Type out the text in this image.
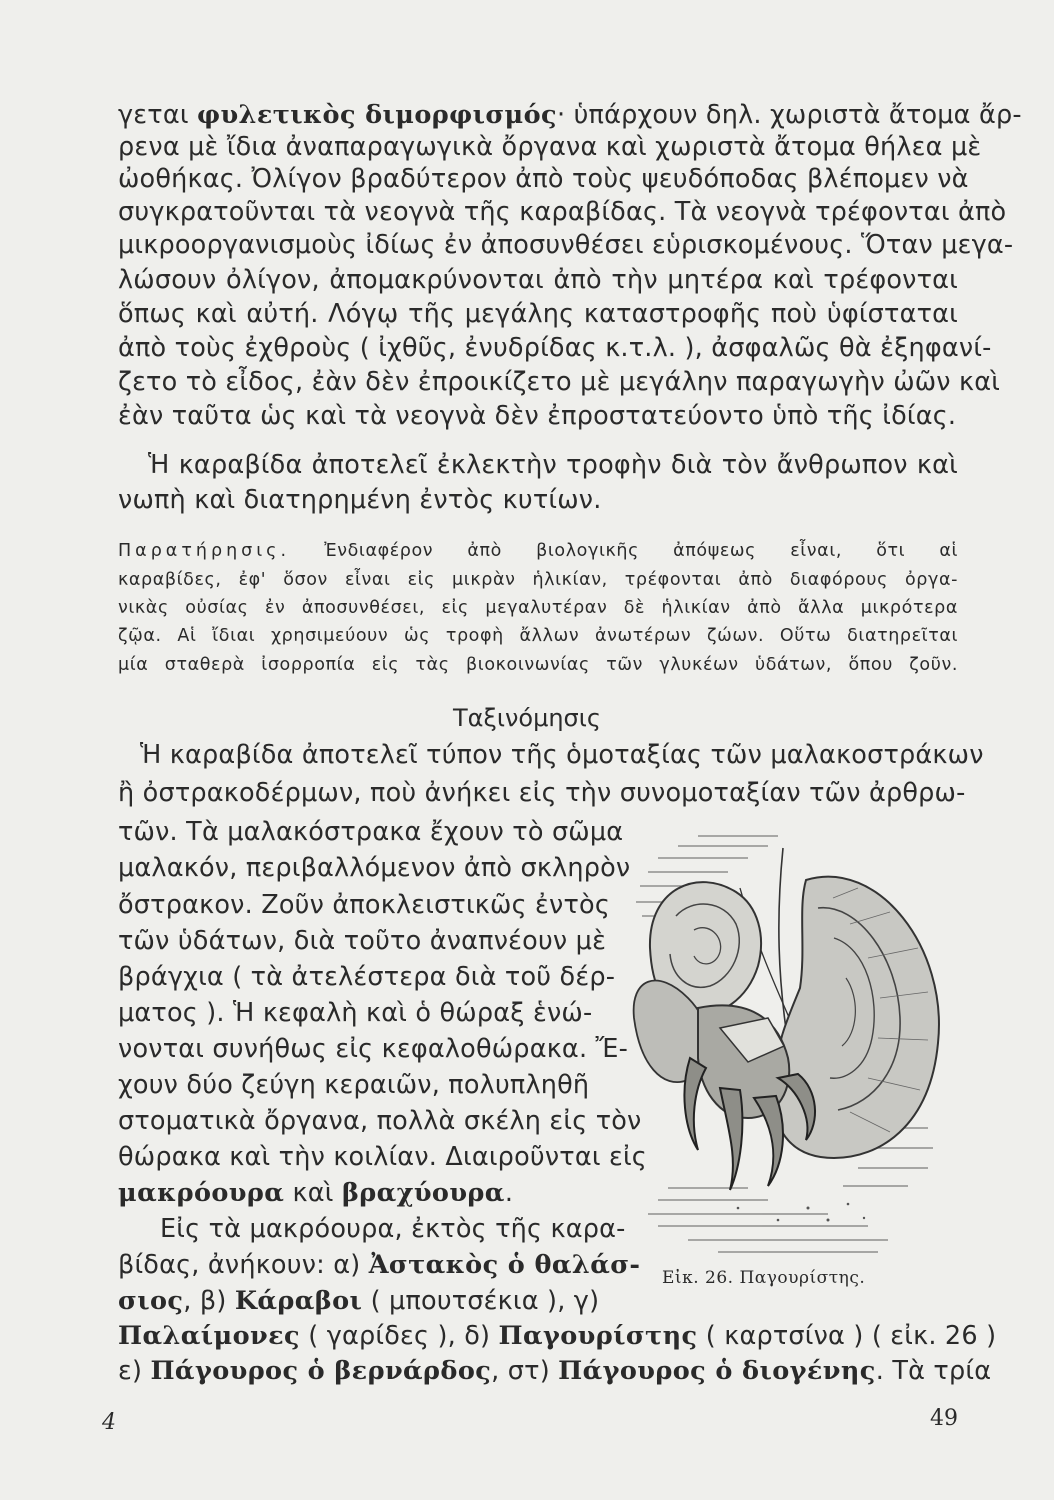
γεται φυλετικὸς διμορφισμός· ὑπάρχουν δηλ. χωριστὰ ἄτομα ἄρ-
ρενα μὲ ἴδια ἀναπαραγωγικὰ ὄργανα καὶ χωριστὰ ἄτομα θήλεα μὲ
ὠοθήκας. Ὀλίγον βραδύτερον ἀπὸ τοὺς ψευδόποδας βλέπομεν νὰ
συγκρατοῦνται τὰ νεογνὰ τῆς καραβίδας. Τὰ νεογνὰ τρέφονται ἀπὸ
μικροοργανισμοὺς ἰδίως ἐν ἀποσυνθέσει εὑρισκομένους. Ὅταν μεγα-
λώσουν ὀλίγον, ἀπομακρύνονται ἀπὸ τὴν μητέρα καὶ τρέφονται
ὅπως καὶ αὐτή. Λόγῳ τῆς μεγάλης καταστροφῆς ποὺ ὑφίσταται
ἀπὸ τοὺς ἐχθροὺς ( ἰχθῦς, ἐνυδρίδας κ.τ.λ. ), ἀσφαλῶς θὰ ἐξηφανί-
ζετο τὸ εἶδος, ἐὰν δὲν ἐπροικίζετο μὲ μεγάλην παραγωγὴν ὠῶν καὶ
ἐὰν ταῦτα ὡς καὶ τὰ νεογνὰ δὲν ἐπροστατεύοντο ὑπὸ τῆς ἰδίας.
Ἡ καραβίδα ἀποτελεῖ ἐκλεκτὴν τροφὴν διὰ τὸν ἄνθρωπον καὶ
νωπὴ καὶ διατηρημένη ἐντὸς κυτίων.
Παρατήρησις. Ἐνδιαφέρον ἀπὸ βιολογικῆς ἀπόψεως εἶναι, ὅτι αἱ
καραβίδες, ἐφ' ὅσον εἶναι εἰς μικρὰν ἡλικίαν, τρέφονται ἀπὸ διαφόρους ὀργα-
νικὰς οὐσίας ἐν ἀποσυνθέσει, εἰς μεγαλυτέραν δὲ ἡλικίαν ἀπὸ ἄλλα μικρότερα
ζῷα. Αἱ ἴδιαι χρησιμεύουν ὡς τροφὴ ἄλλων ἀνωτέρων ζώων. Οὕτω διατηρεῖται
μία σταθερὰ ἰσορροπία εἰς τὰς βιοκοινωνίας τῶν γλυκέων ὑδάτων, ὅπου ζοῦν.
Ταξινόμησις
Ἡ καραβίδα ἀποτελεῖ τύπον τῆς ὁμοταξίας τῶν μαλακοστράκων
ἢ ὀστρακοδέρμων, ποὺ ἀνήκει εἰς τὴν συνομοταξίαν τῶν ἀρθρω-
τῶν. Τὰ μαλακόστρακα ἔχουν τὸ σῶμα
μαλακόν, περιβαλλόμενον ἀπὸ σκληρὸν
ὄστρακον. Ζοῦν ἀποκλειστικῶς ἐντὸς
τῶν ὑδάτων, διὰ τοῦτο ἀναπνέουν μὲ
βράγχια ( τὰ ἀτελέστερα διὰ τοῦ δέρ-
ματος ). Ἡ κεφαλὴ καὶ ὁ θώραξ ἑνώ-
νονται συνήθως εἰς κεφαλοθώρακα. Ἔ-
χουν δύο ζεύγη κεραιῶν, πολυπληθῆ
στοματικὰ ὄργανα, πολλὰ σκέλη εἰς τὸν
θώρακα καὶ τὴν κοιλίαν. Διαιροῦνται εἰς
μακρόουρα καὶ βραχύουρα.
Εἰς τὰ μακρόουρα, ἐκτὸς τῆς καρα-
βίδας, ἀνήκουν: α) Ἀστακὸς ὁ θαλάσ-
σιος, β) Κάραβοι ( μπουτσέκια ), γ)
Παλαίμονες ( γαρίδες ), δ) Παγουρίστης ( καρτσίνα ) ( εἰκ. 26 )
ε) Πάγουρος ὁ βερνάρδος, στ) Πάγουρος ὁ διογένης. Τὰ τρία
Εἰκ. 26. Παγουρίστης.
4	49
